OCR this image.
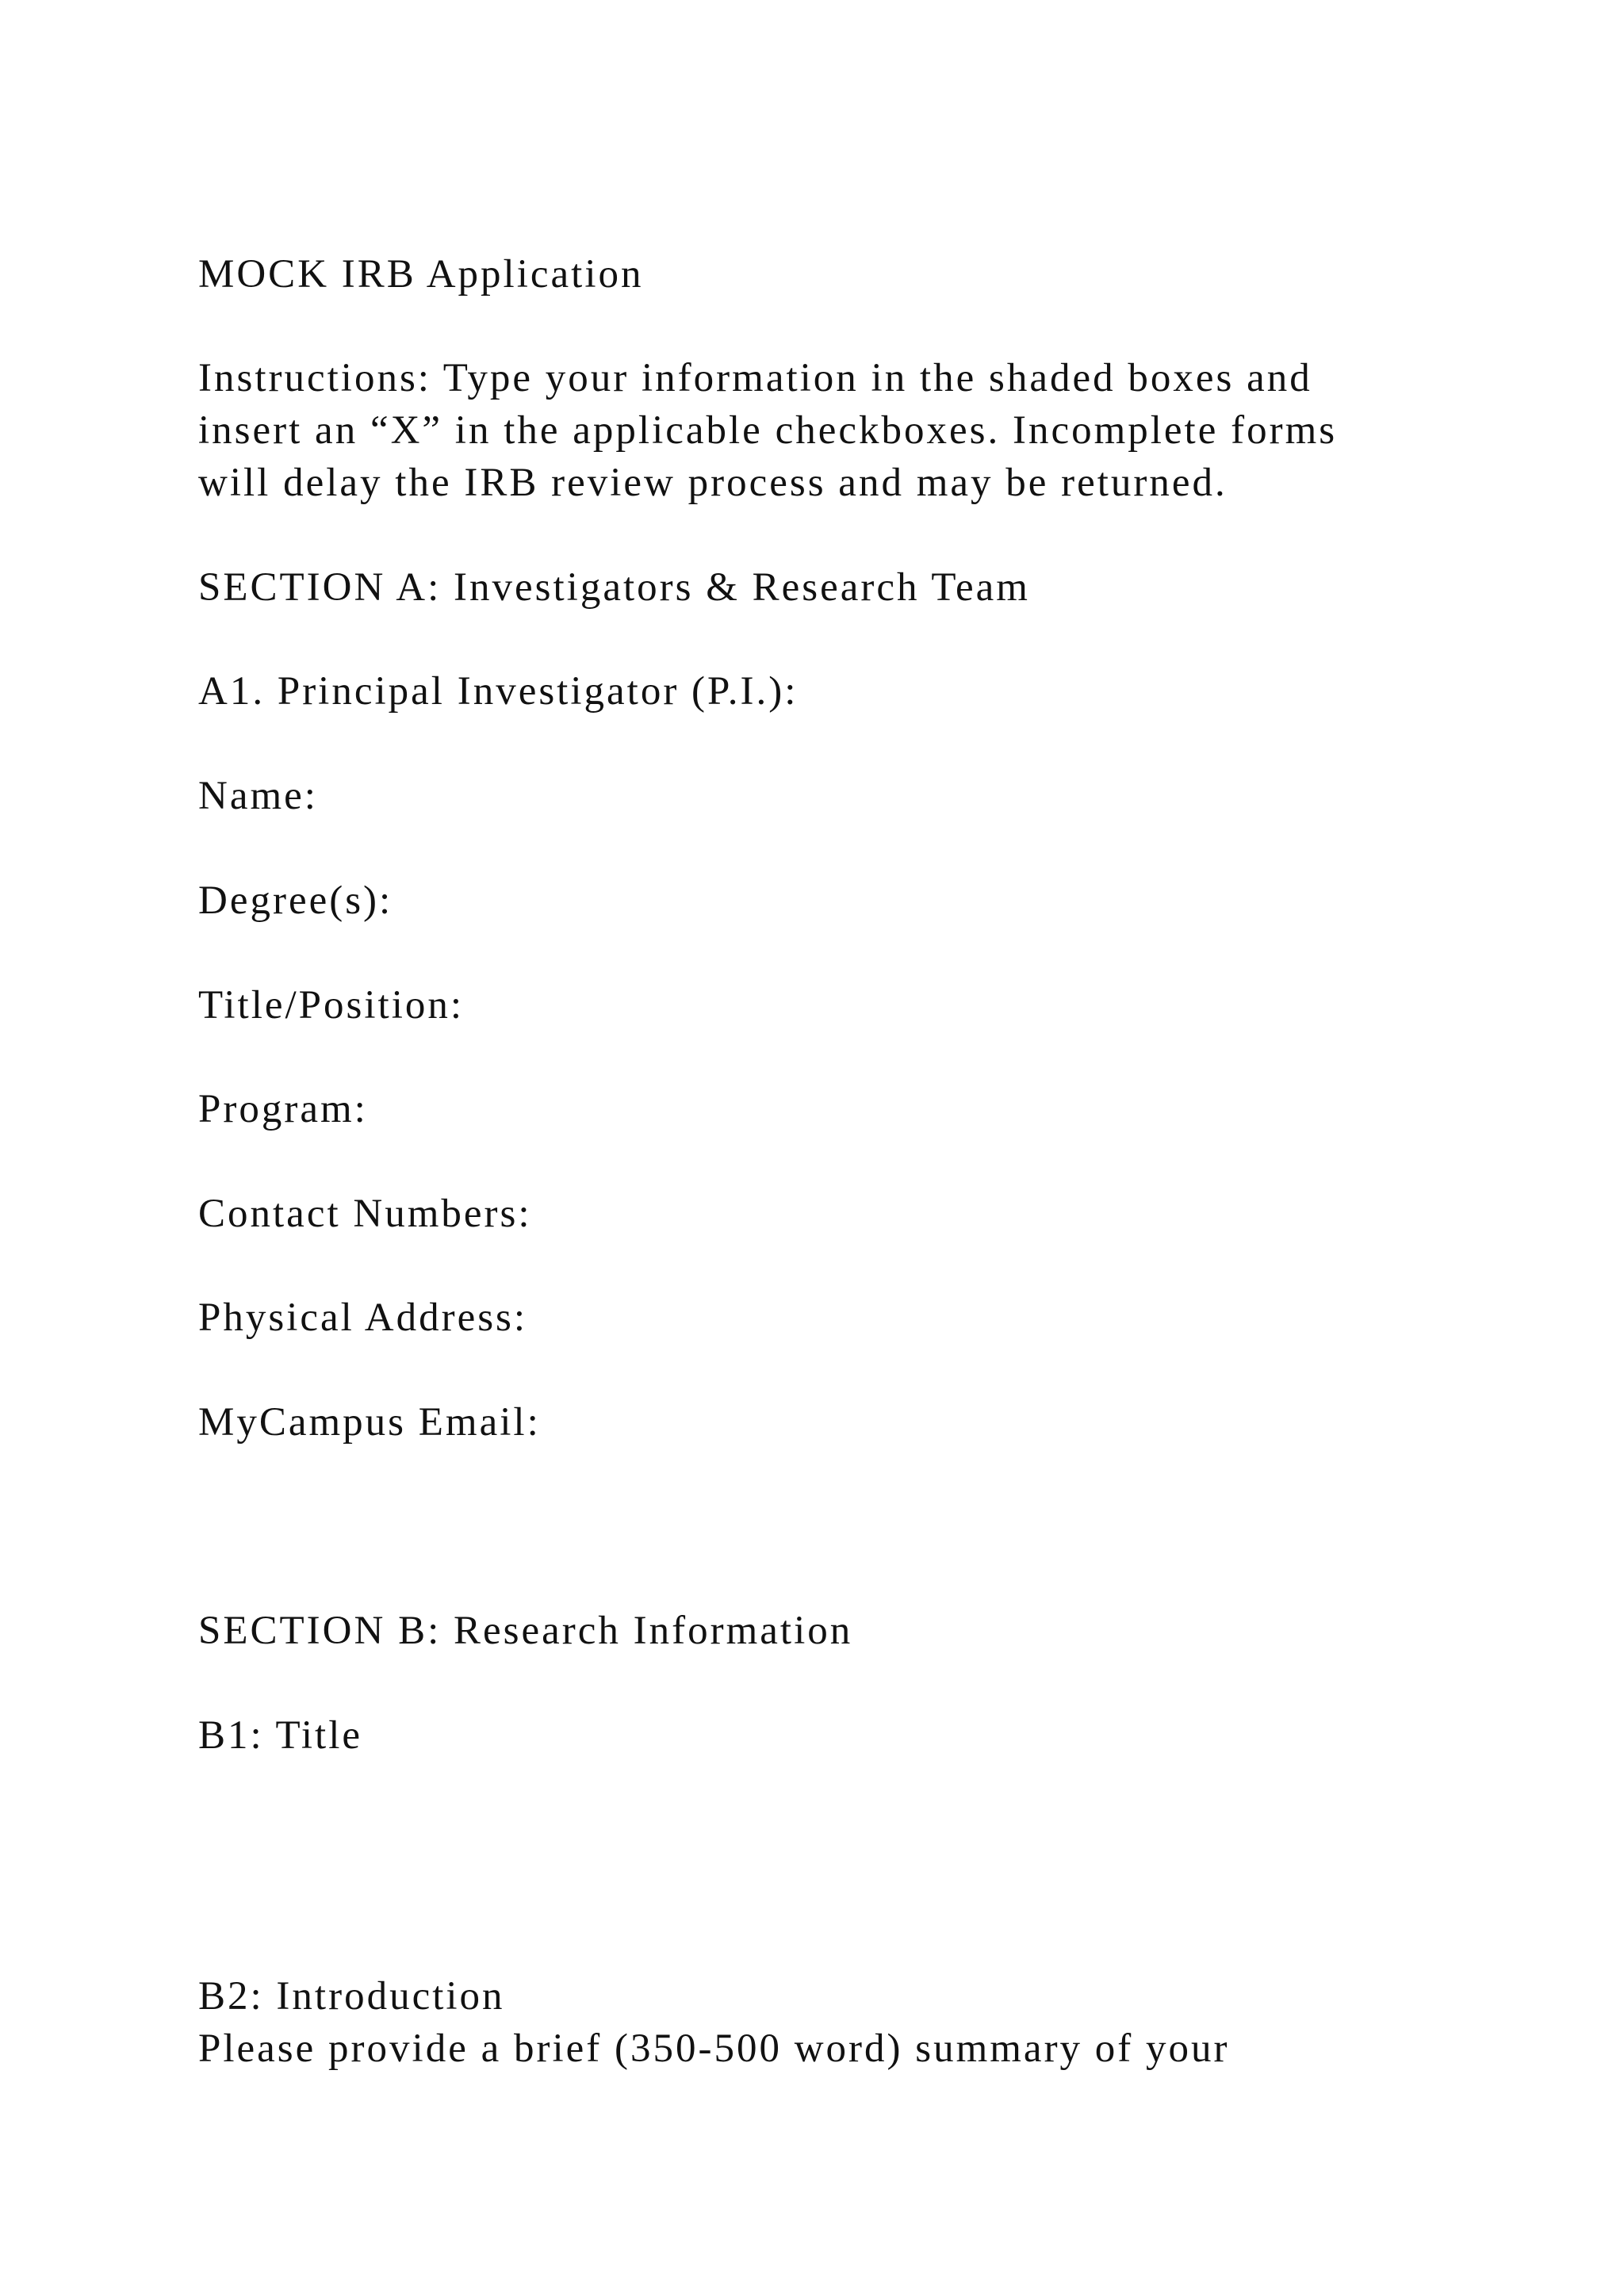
MOCK IRB Application

Instructions: Type your information in the shaded boxes and

insert an “X” in the applicable checkboxes. Incomplete forms

will delay the IRB review process and may be returned.

SECTION A: Investigators & Research Team

A1. Principal Investigator (P.I.):

Name:

Degree(s):

Title/Position:

Program:

Contact Numbers:

Physical Address:

MyCampus Email:

SECTION B: Research Information

B1: Title

B2: Introduction

Please provide a brief (350-500 word) summary of your
